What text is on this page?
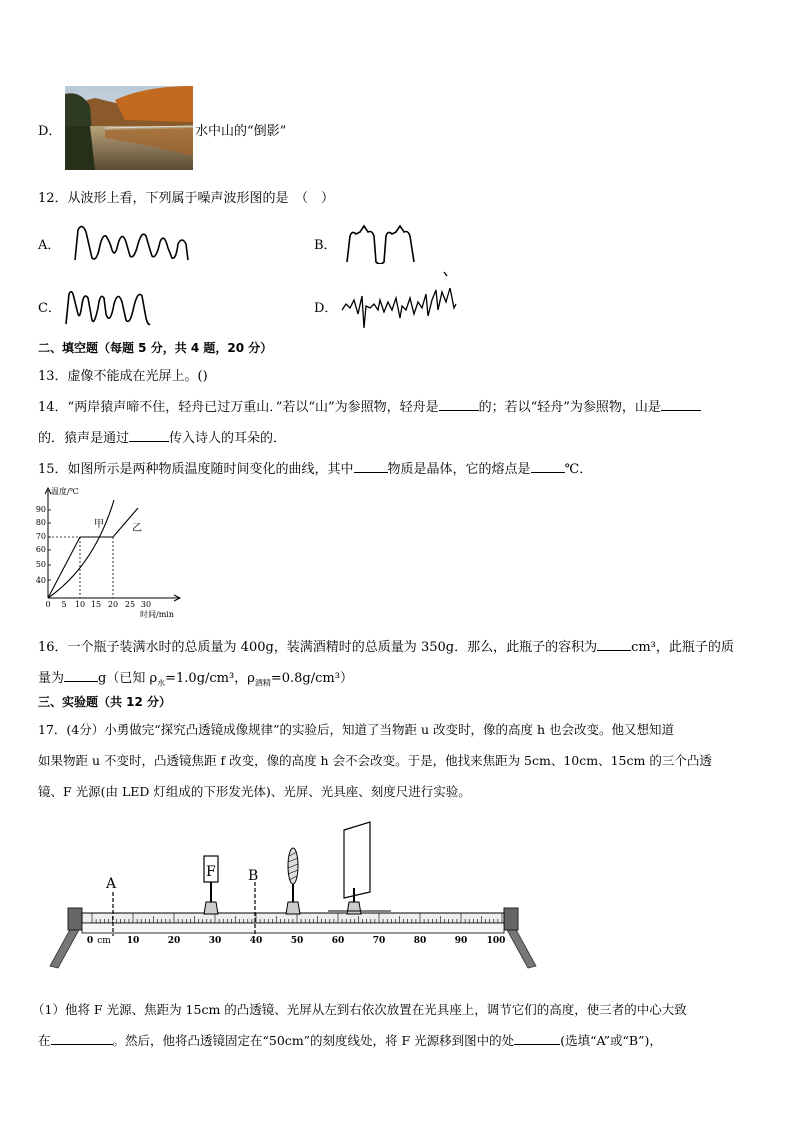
D．	水中山的“倒影”
12．从波形上看，下列属于噪声波形图的是　（　）
A．	B．
C．	D．
二、填空题（每题 5 分，共 4 题，20 分）
13．虚像不能成在光屏上。()
14．“两岸猿声啼不住，轻舟已过万重山．”若以“山”为参照物，轻舟是	的；若以“轻舟”为参照物，山是
的．猿声是通过	传入诗人的耳朵的．
15．如图所示是两种物质温度随时间变化的曲线，其中	物质是晶体，它的熔点是	℃．
温度/℃
40
50
60
70
80
90
0 5 10 15 20 25 30
时间/min
甲	乙
16．一个瓶子装满水时的总质量为 400g，装满酒精时的总质量为 350g．那么，此瓶子的容积为	cm³，此瓶子的质
量为	g（已知 $\rho_水=1.0g$/cm³，$\rho_{酒精}=0.8g/cm^3$）
三、实验题（共 12 分）
17．(4分）小勇做完“探究凸透镜成像规律”的实验后，知道了当物距 u 改变时，像的高度 h 也会改变。他又想知道
如果物距 u 不变时，凸透镜焦距 f 改变，像的高度 h 会不会改变。于是，他找来焦距为 5cm、10cm、15cm 的三个凸透
镜、F 光源(由 LED 灯组成的下形发光体)、光屏、光具座、刻度尺进行实验。
0 cm 10	20	30	40	50	60	70	80	90 100
A	B
F
（1）他将 F 光源、焦距为 15cm 的凸透镜、光屏从左到右依次放置在光具座上，调节它们的高度，使三者的中心大致
在	。然后，他将凸透镜固定在“50cm”的刻度线处，将 F 光源移到图中的处	(选填“A”或“B”)，
